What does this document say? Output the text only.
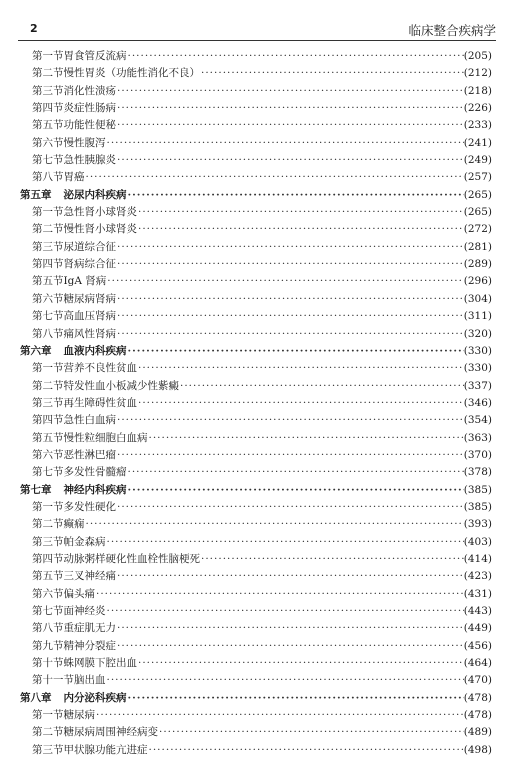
2	临床整合疾病学
第一节 胃食管反流病 ·····	(205)
第二节 慢性胃炎（功能性消化不良） ·····	(212)
第三节 消化性溃疡 ·····	(218)
第四节 炎症性肠病 ·····	(226)
第五节 功能性便秘 ·····	(233)
第六节 慢性腹泻 ·····	(241)
第七节 急性胰腺炎 ·····	(249)
第八节 胃癌 ·····	(257)
第五章 泌尿内科疾病 ·····	(265)
第一节 急性肾小球肾炎 ·····	(265)
第二节 慢性肾小球肾炎 ·····	(272)
第三节 尿道综合征 ·····	(281)
第四节 肾病综合征 ·····	(289)
第五节 IgA 肾病 ·····	(296)
第六节 糖尿病肾病 ·····	(304)
第七节 高血压肾病 ·····	(311)
第八节 痛风性肾病 ·····	(320)
第六章 血液内科疾病 ·····	(330)
第一节 营养不良性贫血 ·····	(330)
第二节 特发性血小板减少性紫癜 ·····	(337)
第三节 再生障碍性贫血 ·····	(346)
第四节 急性白血病 ·····	(354)
第五节 慢性粒细胞白血病 ·····	(363)
第六节 恶性淋巴瘤 ·····	(370)
第七节 多发性骨髓瘤 ·····	(378)
第七章 神经内科疾病 ·····	(385)
第一节 多发性硬化 ·····	(385)
第二节 癫痫 ·····	(393)
第三节 帕金森病 ·····	(403)
第四节 动脉粥样硬化性血栓性脑梗死 ·····	(414)
第五节 三叉神经痛 ·····	(423)
第六节 偏头痛 ·····	(431)
第七节 面神经炎 ·····	(443)
第八节 重症肌无力 ·····	(449)
第九节 精神分裂症 ·····	(456)
第十节 蛛网膜下腔出血 ·····	(464)
第十一节 脑出血 ·····	(470)
第八章 内分泌科疾病 ·····	(478)
第一节 糖尿病 ·····	(478)
第二节 糖尿病周围神经病变 ·····	(489)
第三节 甲状腺功能亢进症 ·····	(498)
